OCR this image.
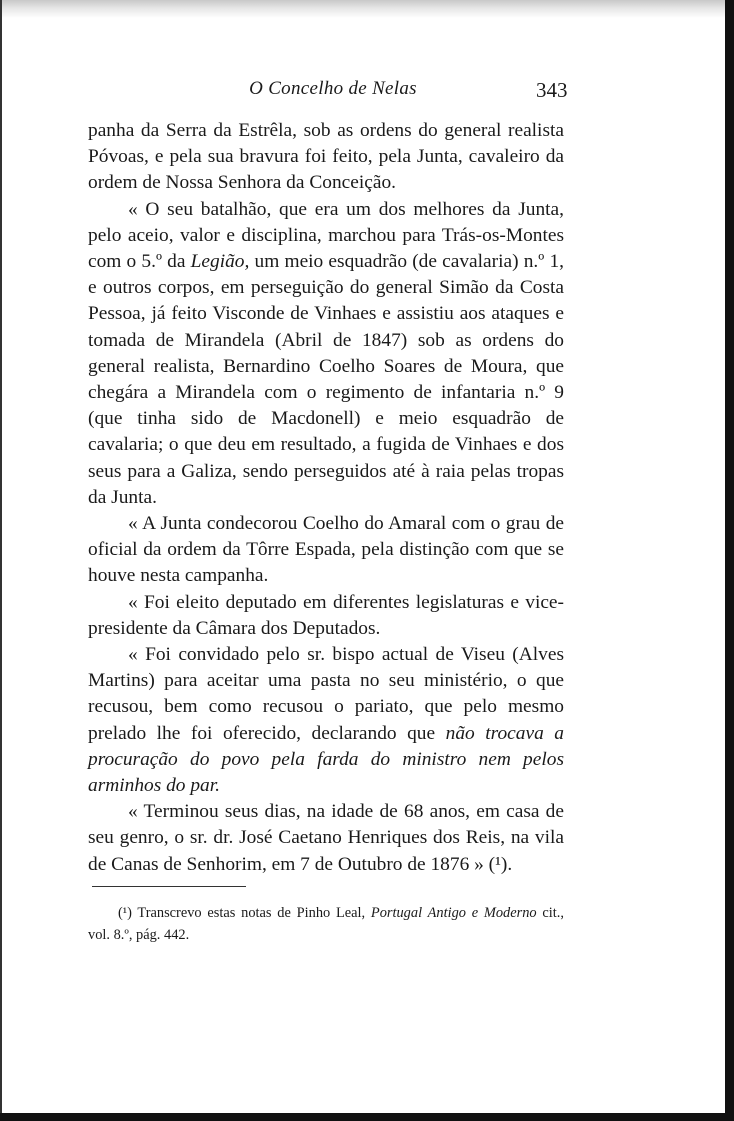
O Concelho de Nelas	343

panha da Serra da Estrêla, sob as ordens do general realista Póvoas, e pela sua bravura foi feito, pela Junta, cavaleiro da ordem de Nossa Senhora da Conceição.

« O seu batalhão, que era um dos melhores da Junta, pelo aceio, valor e disciplina, marchou para Trás-os-Montes com o 5.º da Legião, um meio esquadrão (de cavalaria) n.º 1, e outros corpos, em perseguição do general Simão da Costa Pessoa, já feito Visconde de Vinhaes e assistiu aos ataques e tomada de Mirandela (Abril de 1847) sob as ordens do general realista, Bernardino Coelho Soares de Moura, que chegára a Mirandela com o regimento de infantaria n.º 9 (que tinha sido de Macdonell) e meio esquadrão de cavalaria; o que deu em resultado, a fugida de Vinhaes e dos seus para a Galiza, sendo perseguidos até à raia pelas tropas da Junta.

« A Junta condecorou Coelho do Amaral com o grau de oficial da ordem da Tôrre Espada, pela distinção com que se houve nesta campanha.

« Foi eleito deputado em diferentes legislaturas e vice-presidente da Câmara dos Deputados.

« Foi convidado pelo sr. bispo actual de Viseu (Alves Martins) para aceitar uma pasta no seu ministério, o que recusou, bem como recusou o pariato, que pelo mesmo prelado lhe foi oferecido, declarando que não trocava a procuração do povo pela farda do ministro nem pelos arminhos do par.

« Terminou seus dias, na idade de 68 anos, em casa de seu genro, o sr. dr. José Caetano Henriques dos Reis, na vila de Canas de Senhorim, em 7 de Outubro de 1876 » (¹).

(¹) Transcrevo estas notas de Pinho Leal, Portugal Antigo e Moderno cit., vol. 8.º, pág. 442.
